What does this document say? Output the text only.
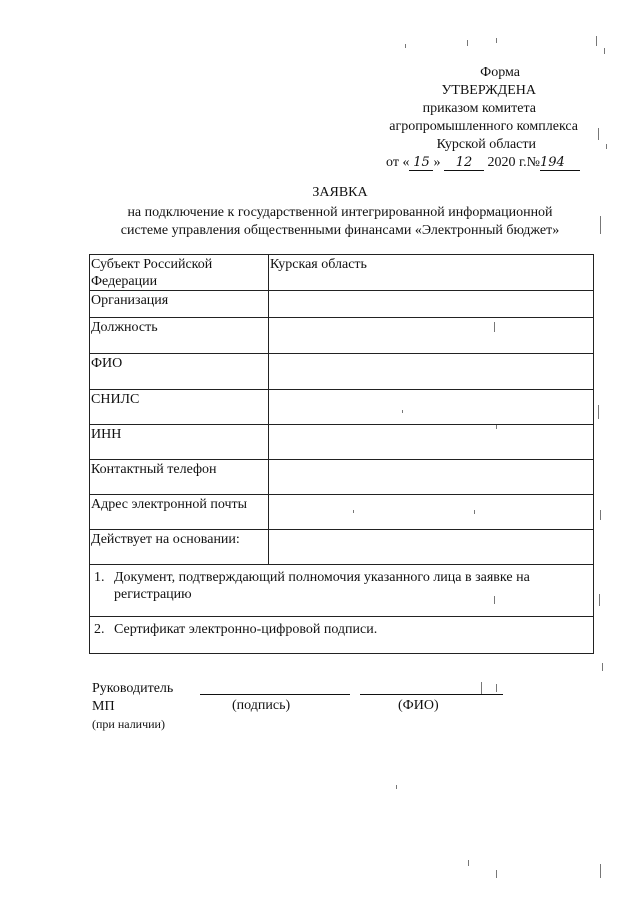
Форма
УТВЕРЖДЕНА
приказом комитета
агропромышленного комплекса
Курской области
от « 15 » 12 2020 г.№194
ЗАЯВКА
на подключение к государственной интегрированной информационной
системе управления общественными финансами «Электронный бюджет»
Субъект Российской Федерации	Курская область
Организация	
Должность	
ФИО	
СНИЛС	
ИНН	
Контактный телефон	
Адрес электронной почты	
Действует на основании:	

1. Документ, подтверждающий полномочия указанного лица в заявке на регистрацию	

2. Сертификат электронно-цифровой подписи.	
Руководитель
МП
(при наличии)
(подпись)	(ФИО)
